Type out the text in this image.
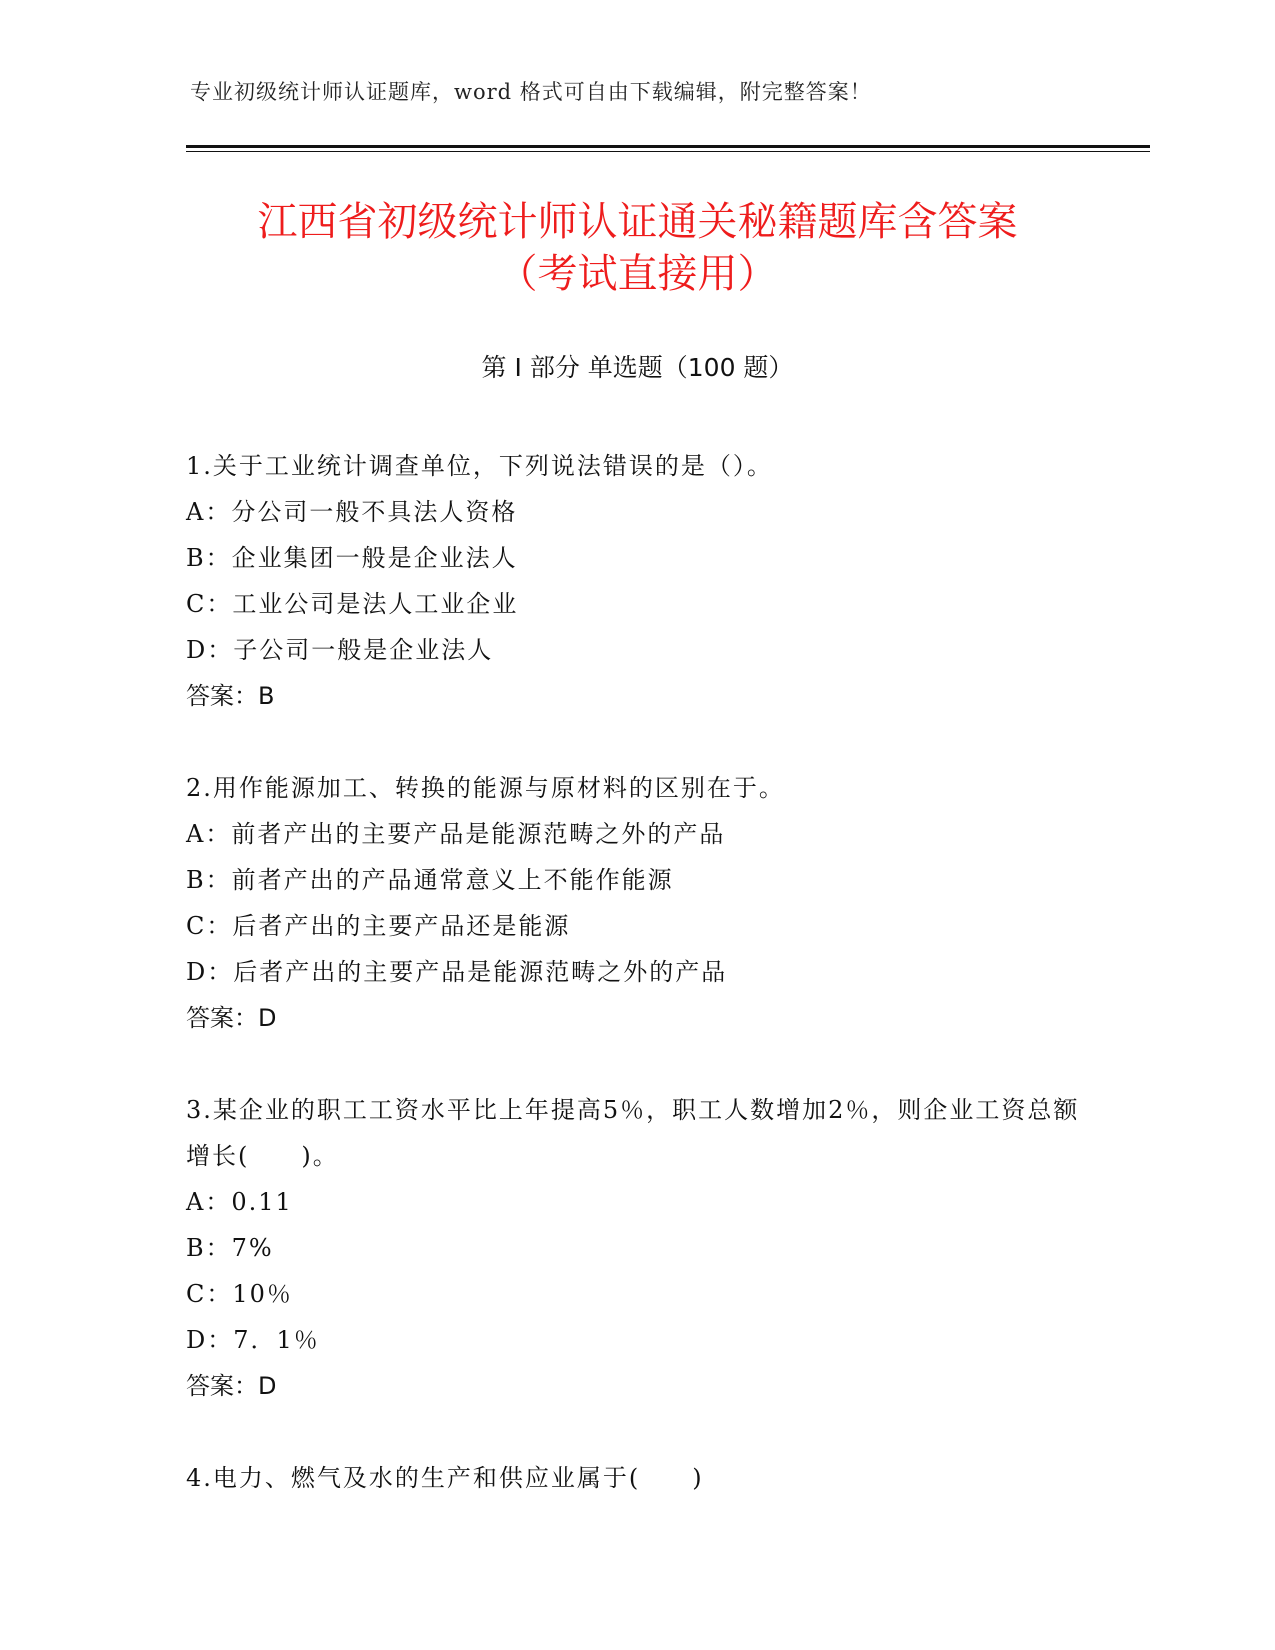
专业初级统计师认证题库，word 格式可自由下载编辑，附完整答案！
江西省初级统计师认证通关秘籍题库含答案
（考试直接用）
第 I 部分 单选题（100 题）

1.关于工业统计调查单位，下列说法错误的是（）。

A：分公司一般不具法人资格

B：企业集团一般是企业法人

C：工业公司是法人工业企业

D：子公司一般是企业法人

答案：B

2.用作能源加工、转换的能源与原材料的区别在于。

A：前者产出的主要产品是能源范畴之外的产品

B：前者产出的产品通常意义上不能作能源

C：后者产出的主要产品还是能源

D：后者产出的主要产品是能源范畴之外的产品

答案：D

3.某企业的职工工资水平比上年提高5％，职工人数增加2％，则企业工资总额增长(　　)。

A：0.11

B：7%

C：10％

D：7．1％

答案：D

4.电力、燃气及水的生产和供应业属于(　　)
